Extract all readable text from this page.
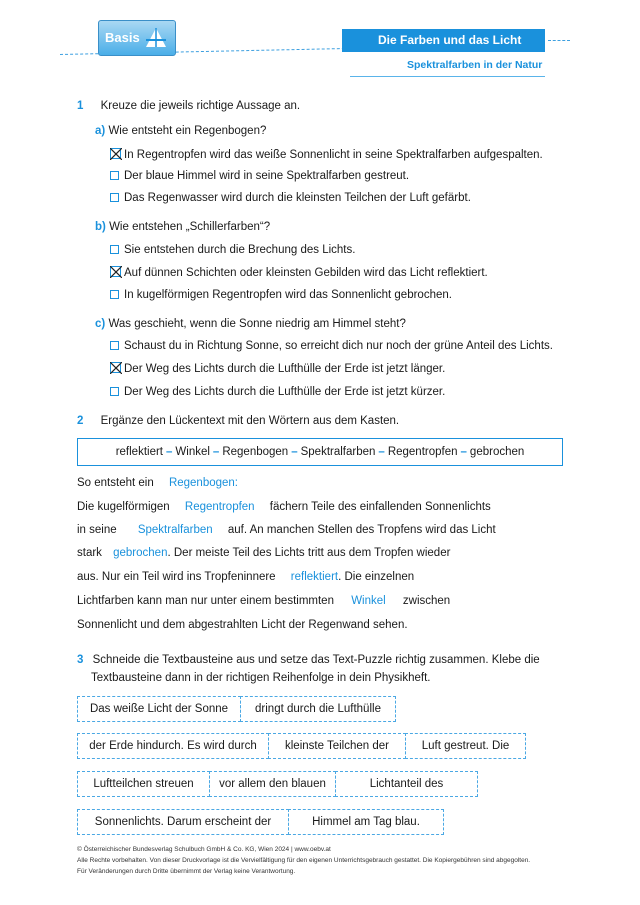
Basis	Die Farben und das Licht
Spektralfarben in der Natur
1 Kreuze die jeweils richtige Aussage an.
a) Wie entsteht ein Regenbogen?
In Regentropfen wird das weiße Sonnenlicht in seine Spektralfarben aufgespalten.
Der blaue Himmel wird in seine Spektralfarben gestreut.
Das Regenwasser wird durch die kleinsten Teilchen der Luft gefärbt.
b) Wie entstehen „Schillerfarben“?
Sie entstehen durch die Brechung des Lichts.
Auf dünnen Schichten oder kleinsten Gebilden wird das Licht reflektiert.
In kugelförmigen Regentropfen wird das Sonnenlicht gebrochen.
c) Was geschieht, wenn die Sonne niedrig am Himmel steht?
Schaust du in Richtung Sonne, so erreicht dich nur noch der grüne Anteil des Lichts.
Der Weg des Lichts durch die Lufthülle der Erde ist jetzt länger.
Der Weg des Lichts durch die Lufthülle der Erde ist jetzt kürzer.
2 Ergänze den Lückentext mit den Wörtern aus dem Kasten.
reflektiert – Winkel – Regenbogen – Spektralfarben – Regentropfen – gebrochen
So entsteht ein Regenbogen:
Die kugelförmigen Regentropfen fächern Teile des einfallenden Sonnenlichts
in seine Spektralfarben auf. An manchen Stellen des Tropfens wird das Licht
stark gebrochen. Der meiste Teil des Lichts tritt aus dem Tropfen wieder
aus. Nur ein Teil wird ins Tropfeninnere reflektiert. Die einzelnen
Lichtfarben kann man nur unter einem bestimmten Winkel zwischen
Sonnenlicht und dem abgestrahlten Licht der Regenwand sehen.
3 Schneide die Textbausteine aus und setze das Text-Puzzle richtig zusammen. Klebe die
Textbausteine dann in der richtigen Reihenfolge in dein Physikheft.
Das weiße Licht der Sonne	dringt durch die Lufthülle
der Erde hindurch. Es wird durch	kleinste Teilchen der	Luft gestreut. Die
Luftteilchen streuen	vor allem den blauen	Lichtanteil des
Sonnenlichts. Darum erscheint der	Himmel am Tag blau.
© Österreichischer Bundesverlag Schulbuch GmbH & Co. KG, Wien 2024 | www.oebv.at
Alle Rechte vorbehalten. Von dieser Druckvorlage ist die Vervielfältigung für den eigenen Unterrichtsgebrauch gestattet. Die Kopiergebühren sind abgegolten.
Für Veränderungen durch Dritte übernimmt der Verlag keine Verantwortung.
